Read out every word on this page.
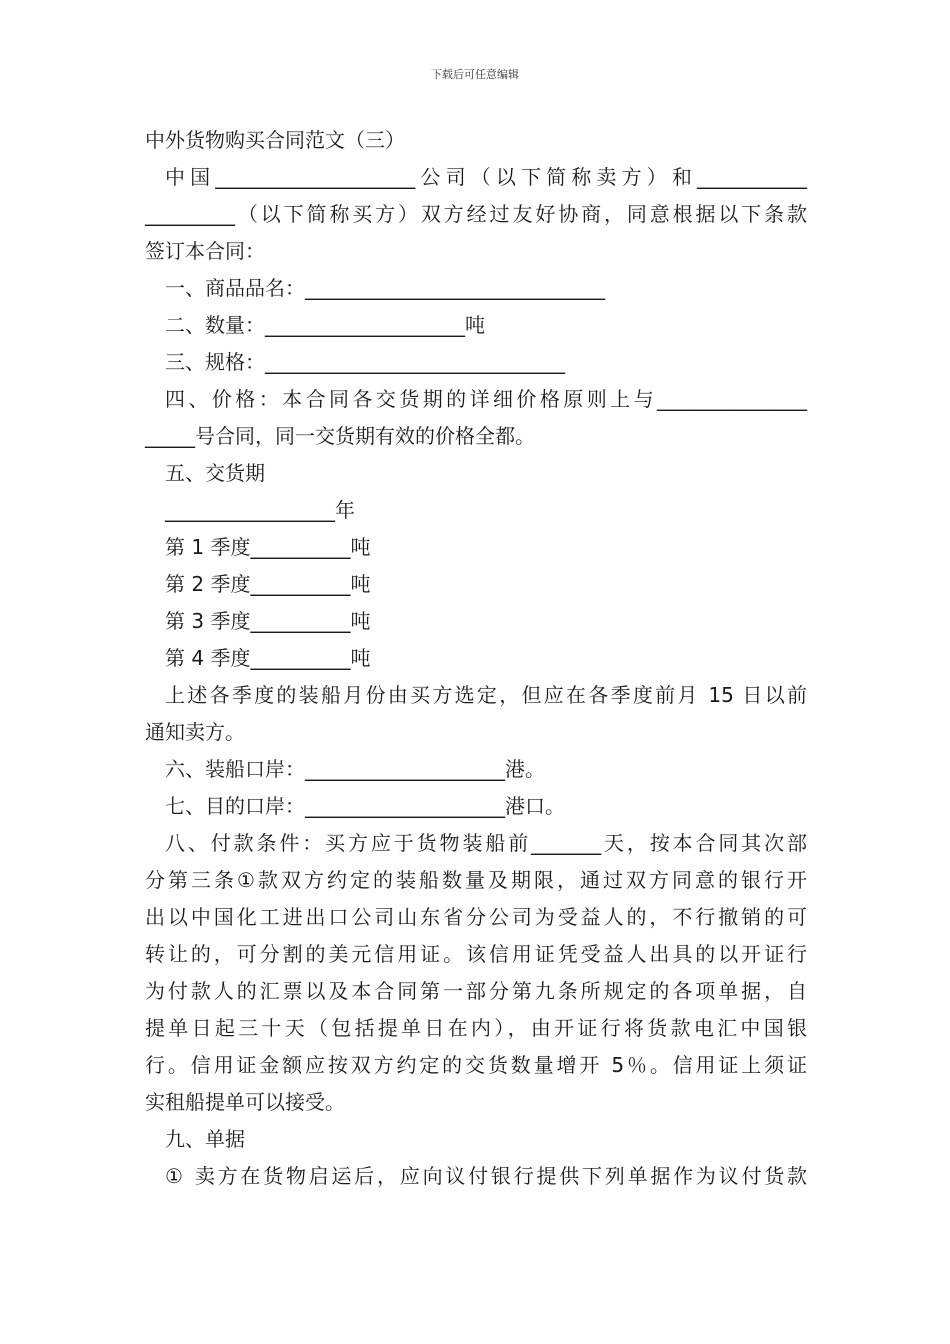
下载后可任意编辑
中外货物购买合同范文（三）
中国____________________公司（以下简称卖方）和___________
_________（以下简称买方）双方经过友好协商，同意根据以下条款
签订本合同：
一、商品品名：______________________________
二、数量：____________________吨
三、规格：______________________________
四、价格：本合同各交货期的详细价格原则上与_______________
_____号合同，同一交货期有效的价格全都。
五、交货期
_________________年
第 1 季度__________吨
第 2 季度__________吨
第 3 季度__________吨
第 4 季度__________吨
上述各季度的装船月份由买方选定，但应在各季度前月 15 日以前
通知卖方。
六、装船口岸：____________________港。
七、目的口岸：____________________港口。
八、付款条件：买方应于货物装船前_______天，按本合同其次部
分第三条①款双方约定的装船数量及期限，通过双方同意的银行开
出以中国化工进出口公司山东省分公司为受益人的，不行撤销的可
转让的，可分割的美元信用证。该信用证凭受益人出具的以开证行
为付款人的汇票以及本合同第一部分第九条所规定的各项单据，自
提单日起三十天（包括提单日在内），由开证行将货款电汇中国银
行。信用证金额应按双方约定的交货数量增开 5％。信用证上须证
实租船提单可以接受。
九、单据
① 卖方在货物启运后，应向议付银行提供下列单据作为议付货款
